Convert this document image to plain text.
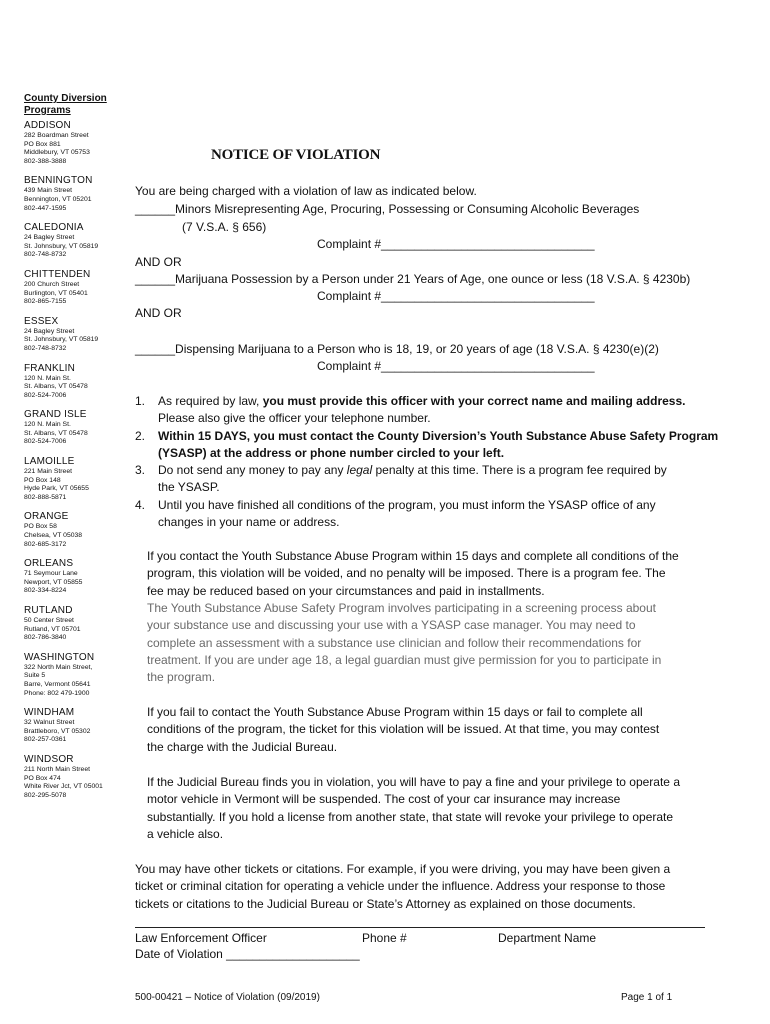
County Diversion
Programs
ADDISON
282 Boardman Street
PO Box 881
Middlebury, VT 05753
802-388-3888
BENNINGTON
439 Main Street
Bennington, VT 05201
802-447-1595
CALEDONIA
24 Bagley Street
St. Johnsbury, VT 05819
802-748-8732
CHITTENDEN
200 Church Street
Burlington, VT 05401
802-865-7155
ESSEX
24 Bagley Street
St. Johnsbury, VT 05819
802-748-8732
FRANKLIN
120 N. Main St.
St. Albans, VT 05478
802-524-7006
GRAND ISLE
120 N. Main St.
St. Albans, VT 05478
802-524-7006
LAMOILLE
221 Main Street
PO Box 148
Hyde Park, VT 05655
802-888-5871
ORANGE
PO Box 58
Chelsea, VT 05038
802-685-3172
ORLEANS
71 Seymour Lane
Newport, VT 05855
802-334-8224
RUTLAND
50 Center Street
Rutland, VT 05701
802-786-3840
WASHINGTON
322 North Main Street,
Suite 5
Barre, Vermont 05641
Phone: 802 479-1900
WINDHAM
32 Walnut Street
Brattleboro, VT 05302
802-257-0361
WINDSOR
211 North Main Street
PO Box 474
White River Jct, VT 05001
802-295-5078
NOTICE OF VIOLATION
You are being charged with a violation of law as indicated below.
______Minors Misrepresenting Age, Procuring, Possessing or Consuming Alcoholic Beverages
(7 V.S.A. § 656)
Complaint #________________________________
AND OR
______Marijuana Possession by a Person under 21 Years of Age, one ounce or less (18 V.S.A. § 4230b)
Complaint #________________________________
AND OR
______Dispensing Marijuana to a Person who is 18, 19, or 20 years of age (18 V.S.A. § 4230(e)(2)
Complaint #________________________________
1. As required by law, you must provide this officer with your correct name and mailing address.
Please also give the officer your telephone number.
2. Within 15 DAYS, you must contact the County Diversion’s Youth Substance Abuse Safety Program
(YSASP) at the address or phone number circled to your left.
3. Do not send any money to pay any legal penalty at this time. There is a program fee required by
the YSASP.
4. Until you have finished all conditions of the program, you must inform the YSASP office of any
changes in your name or address.
If you contact the Youth Substance Abuse Program within 15 days and complete all conditions of the
program, this violation will be voided, and no penalty will be imposed. There is a program fee. The
fee may be reduced based on your circumstances and paid in installments.
The Youth Substance Abuse Safety Program involves participating in a screening process about
your substance use and discussing your use with a YSASP case manager. You may need to
complete an assessment with a substance use clinician and follow their recommendations for
treatment. If you are under age 18, a legal guardian must give permission for you to participate in
the program.
If you fail to contact the Youth Substance Abuse Program within 15 days or fail to complete all
conditions of the program, the ticket for this violation will be issued. At that time, you may contest
the charge with the Judicial Bureau.
If the Judicial Bureau finds you in violation, you will have to pay a fine and your privilege to operate a
motor vehicle in Vermont will be suspended. The cost of your car insurance may increase
substantially. If you hold a license from another state, that state will revoke your privilege to operate
a vehicle also.
You may have other tickets or citations. For example, if you were driving, you may have been given a
ticket or criminal citation for operating a vehicle under the influence. Address your response to those
tickets or citations to the Judicial Bureau or State’s Attorney as explained on those documents.
Law Enforcement Officer	Phone #	Department Name
Date of Violation ____________________
500-00421 – Notice of Violation (09/2019)	Page 1 of 1
